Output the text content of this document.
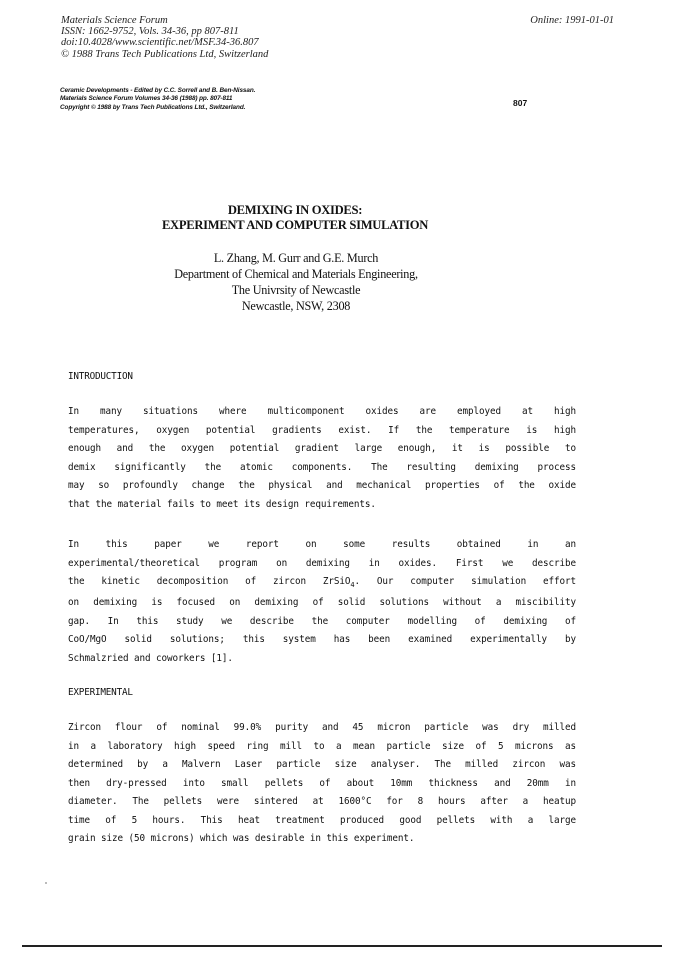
Materials Science Forum
ISSN: 1662-9752, Vols. 34-36, pp 807-811
doi:10.4028/www.scientific.net/MSF.34-36.807
© 1988 Trans Tech Publications Ltd, Switzerland
Online: 1991-01-01
Ceramic Developments - Edited by C.C. Sorrell and B. Ben-Nissan.
Materials Science Forum Volumes 34-36 (1988) pp. 807-811
Copyright © 1988 by Trans Tech Publications Ltd., Switzerland.	807
DEMIXING IN OXIDES:
EXPERIMENT AND COMPUTER SIMULATION
L. Zhang, M. Gurr and G.E. Murch
Department of Chemical and Materials Engineering,
The Univrsity of Newcastle
Newcastle, NSW, 2308
INTRODUCTION
In many situations where multicomponent oxides are employed at high
temperatures, oxygen potential gradients exist. If the temperature is high
enough and the oxygen potential gradient large enough, it is possible to
demix significantly the atomic components. The resulting demixing process
may so profoundly change the physical and mechanical properties of the oxide
that the material fails to meet its design requirements.
In this paper we report on some results obtained in an
experimental/theoretical program on demixing in oxides. First we describe
the kinetic decomposition of zircon ZrSiO$_4$. Our computer simulation effort
on demixing is focused on demixing of solid solutions without a miscibility
gap. In this study we describe the computer modelling of demixing of
CoO/MgO solid solutions; this system has been examined experimentally by
Schmalzried and coworkers [1].
EXPERIMENTAL
Zircon flour of nominal 99.0% purity and 45 micron particle was dry milled
in a laboratory high speed ring mill to a mean particle size of 5 microns as
determined by a Malvern Laser particle size analyser. The milled zircon was
then dry-pressed into small pellets of about 10mm thickness and 20mm in
diameter. The pellets were sintered at 1600°C for 8 hours after a heatup
time of 5 hours. This heat treatment produced good pellets with a large
grain size (50 microns) which was desirable in this experiment.
